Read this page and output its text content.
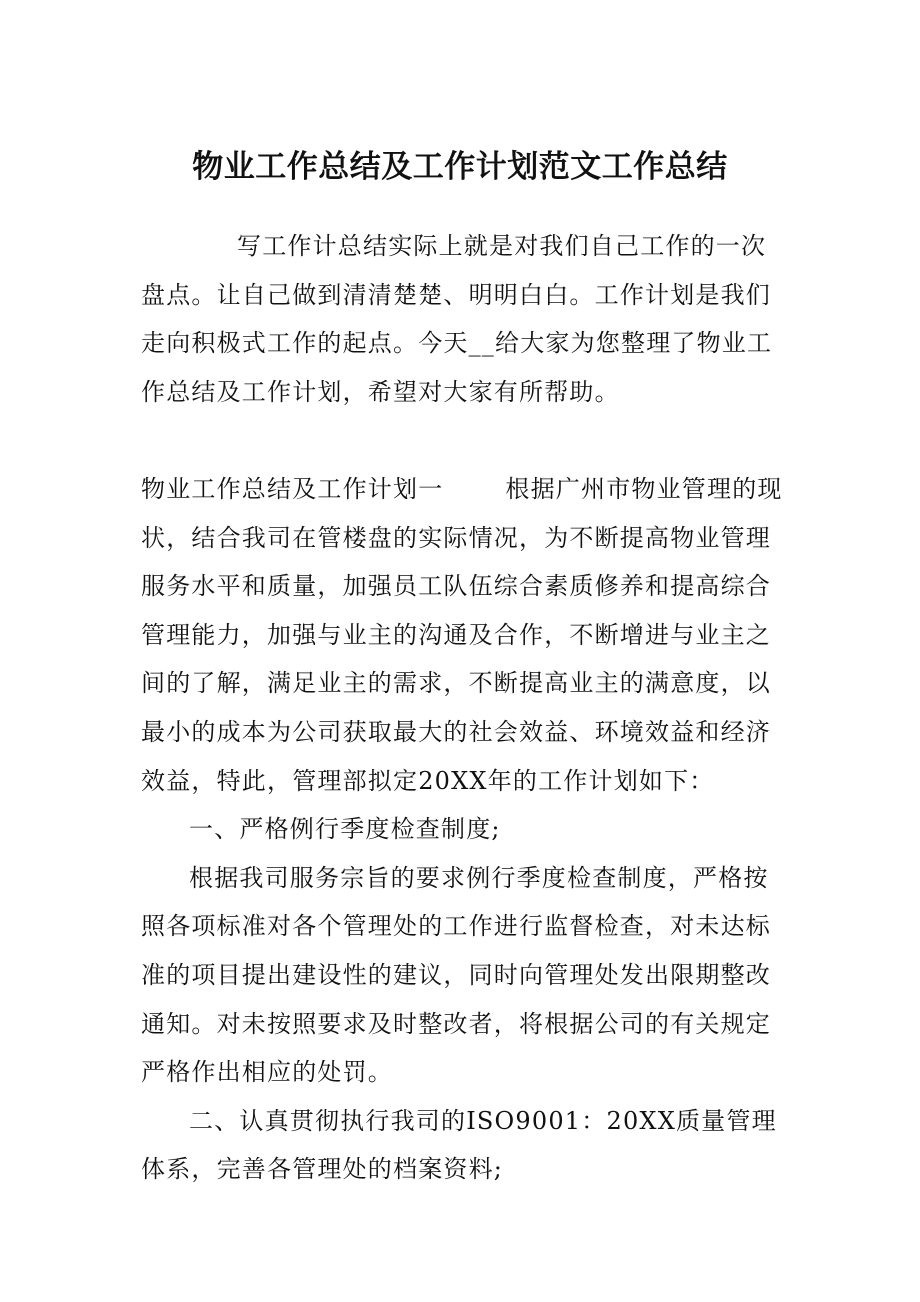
物业工作总结及工作计划范文工作总结

写工作计总结实际上就是对我们自己工作的一次盘点。让自己做到清清楚楚、明明白白。工作计划是我们走向积极式工作的起点。今天__给大家为您整理了物业工作总结及工作计划，希望对大家有所帮助。

物业工作总结及工作计划一	根据广州市物业管理的现状，结合我司在管楼盘的实际情况，为不断提高物业管理服务水平和质量，加强员工队伍综合素质修养和提高综合管理能力，加强与业主的沟通及合作，不断增进与业主之间的了解，满足业主的需求，不断提高业主的满意度，以最小的成本为公司获取最大的社会效益、环境效益和经济效益，特此，管理部拟定20XX年的工作计划如下：

一、严格例行季度检查制度;

根据我司服务宗旨的要求例行季度检查制度，严格按照各项标准对各个管理处的工作进行监督检查，对未达标准的项目提出建设性的建议，同时向管理处发出限期整改通知。对未按照要求及时整改者，将根据公司的有关规定严格作出相应的处罚。

二、认真贯彻执行我司的ISO9001：20XX质量管理体系，完善各管理处的档案资料;
